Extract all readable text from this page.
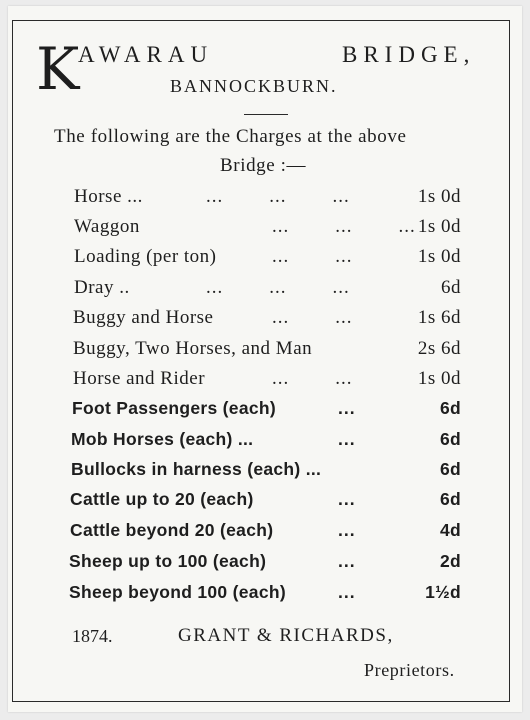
K
AWARAU	BRIDGE,
BANNOCKBURN.
The following are the Charges at the above
Bridge :—
Horse ...	...        ...        ...	1s 0d
Waggon	...        ...        ... 1s 0d
Loading (per ton)	...        ...	1s 0d
Dray ..	...        ...        ...	6d
Buggy and Horse	...        ...	1s 6d
Buggy, Two Horses, and Man	2s 6d
Horse and Rider	...        ...	1s 0d
Foot Passengers (each)	...	6d
Mob Horses (each) ...	...	6d
Bullocks in harness (each) ...	6d
Cattle up to 20 (each)	...	6d
Cattle beyond 20 (each)	...	4d
Sheep up to 100 (each)	...	2d
Sheep beyond 100 (each)	...	1½d
1874.	GRANT & RICHARDS,
Preprietors.
